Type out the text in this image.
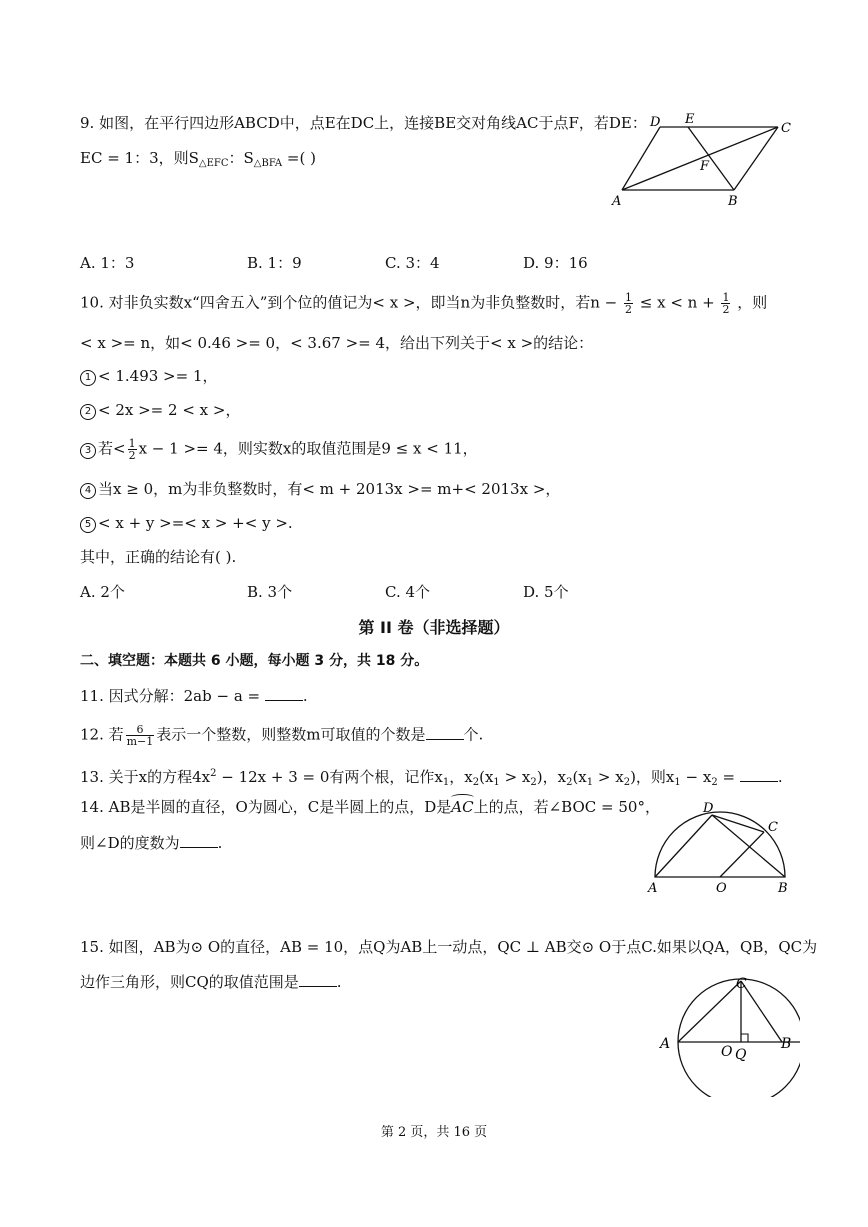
9. 如图，在平行四边形ABCD中，点E在DC上，连接BE交对角线AC于点F，若DE：
EC = 1：3，则$S_{\triangle EFC}$：$S_{\triangle BFA}$ =( )
D E
C
F
A	B
A. 1：3	B. 1：9	C. 3：4	D. 9：16
10. 对非负实数x“四舍五入”到个位的值记为< x >，即当n为非负整数时，若$n - \frac{1}{2} \le x < n + \frac{1}{2}$ ，则
< x >= n，如< 0.46 >= 0，< 3.67 >= 4，给出下列关于< x >的结论：
1 < 1.493 >= 1，
2 < 2x >= 2 < x >，
3 若< $\frac{1}{2}$ x − 1 >= 4，则实数x的取值范围是9 ≤ x < 11，
4 当x ≥ 0，m为非负整数时，有< m + 2013x >= m+< 2013x >，
5 < x + y >=< x > +< y >.
其中，正确的结论有( ).
A. 2个	B. 3个	C. 4个	D. 5个
第 II 卷（非选择题）
二、填空题：本题共 6 小题，每小题 3 分，共 18 分。
11. 因式分解：2ab − a =	.
12. 若 $\frac{6}{m-1}$ 表示一个整数，则整数m可取值的个数是	个.
13. 关于x的方程$4x^2 - 12x + 3 = 0$有两个根，记作$x_1$，$x_2(x_1 > x_2)$，$x_2(x_1 > x_2)$，则$x_1 - x_2$ =	.
14. AB是半圆的直径，O为圆心，C是半圆上的点，D是AC上的点，若∠BOC = 50°，
则∠D的度数为	.
D
C
A	O	B
15. 如图，AB为⊙ O的直径，AB = 10，点Q为AB上一动点，QC ⊥ AB交⊙ O于点C.如果以QA，QB，QC为
边作三角形，则CQ的取值范围是	.	C
A	O Q
B
第 2 页，共 16 页
